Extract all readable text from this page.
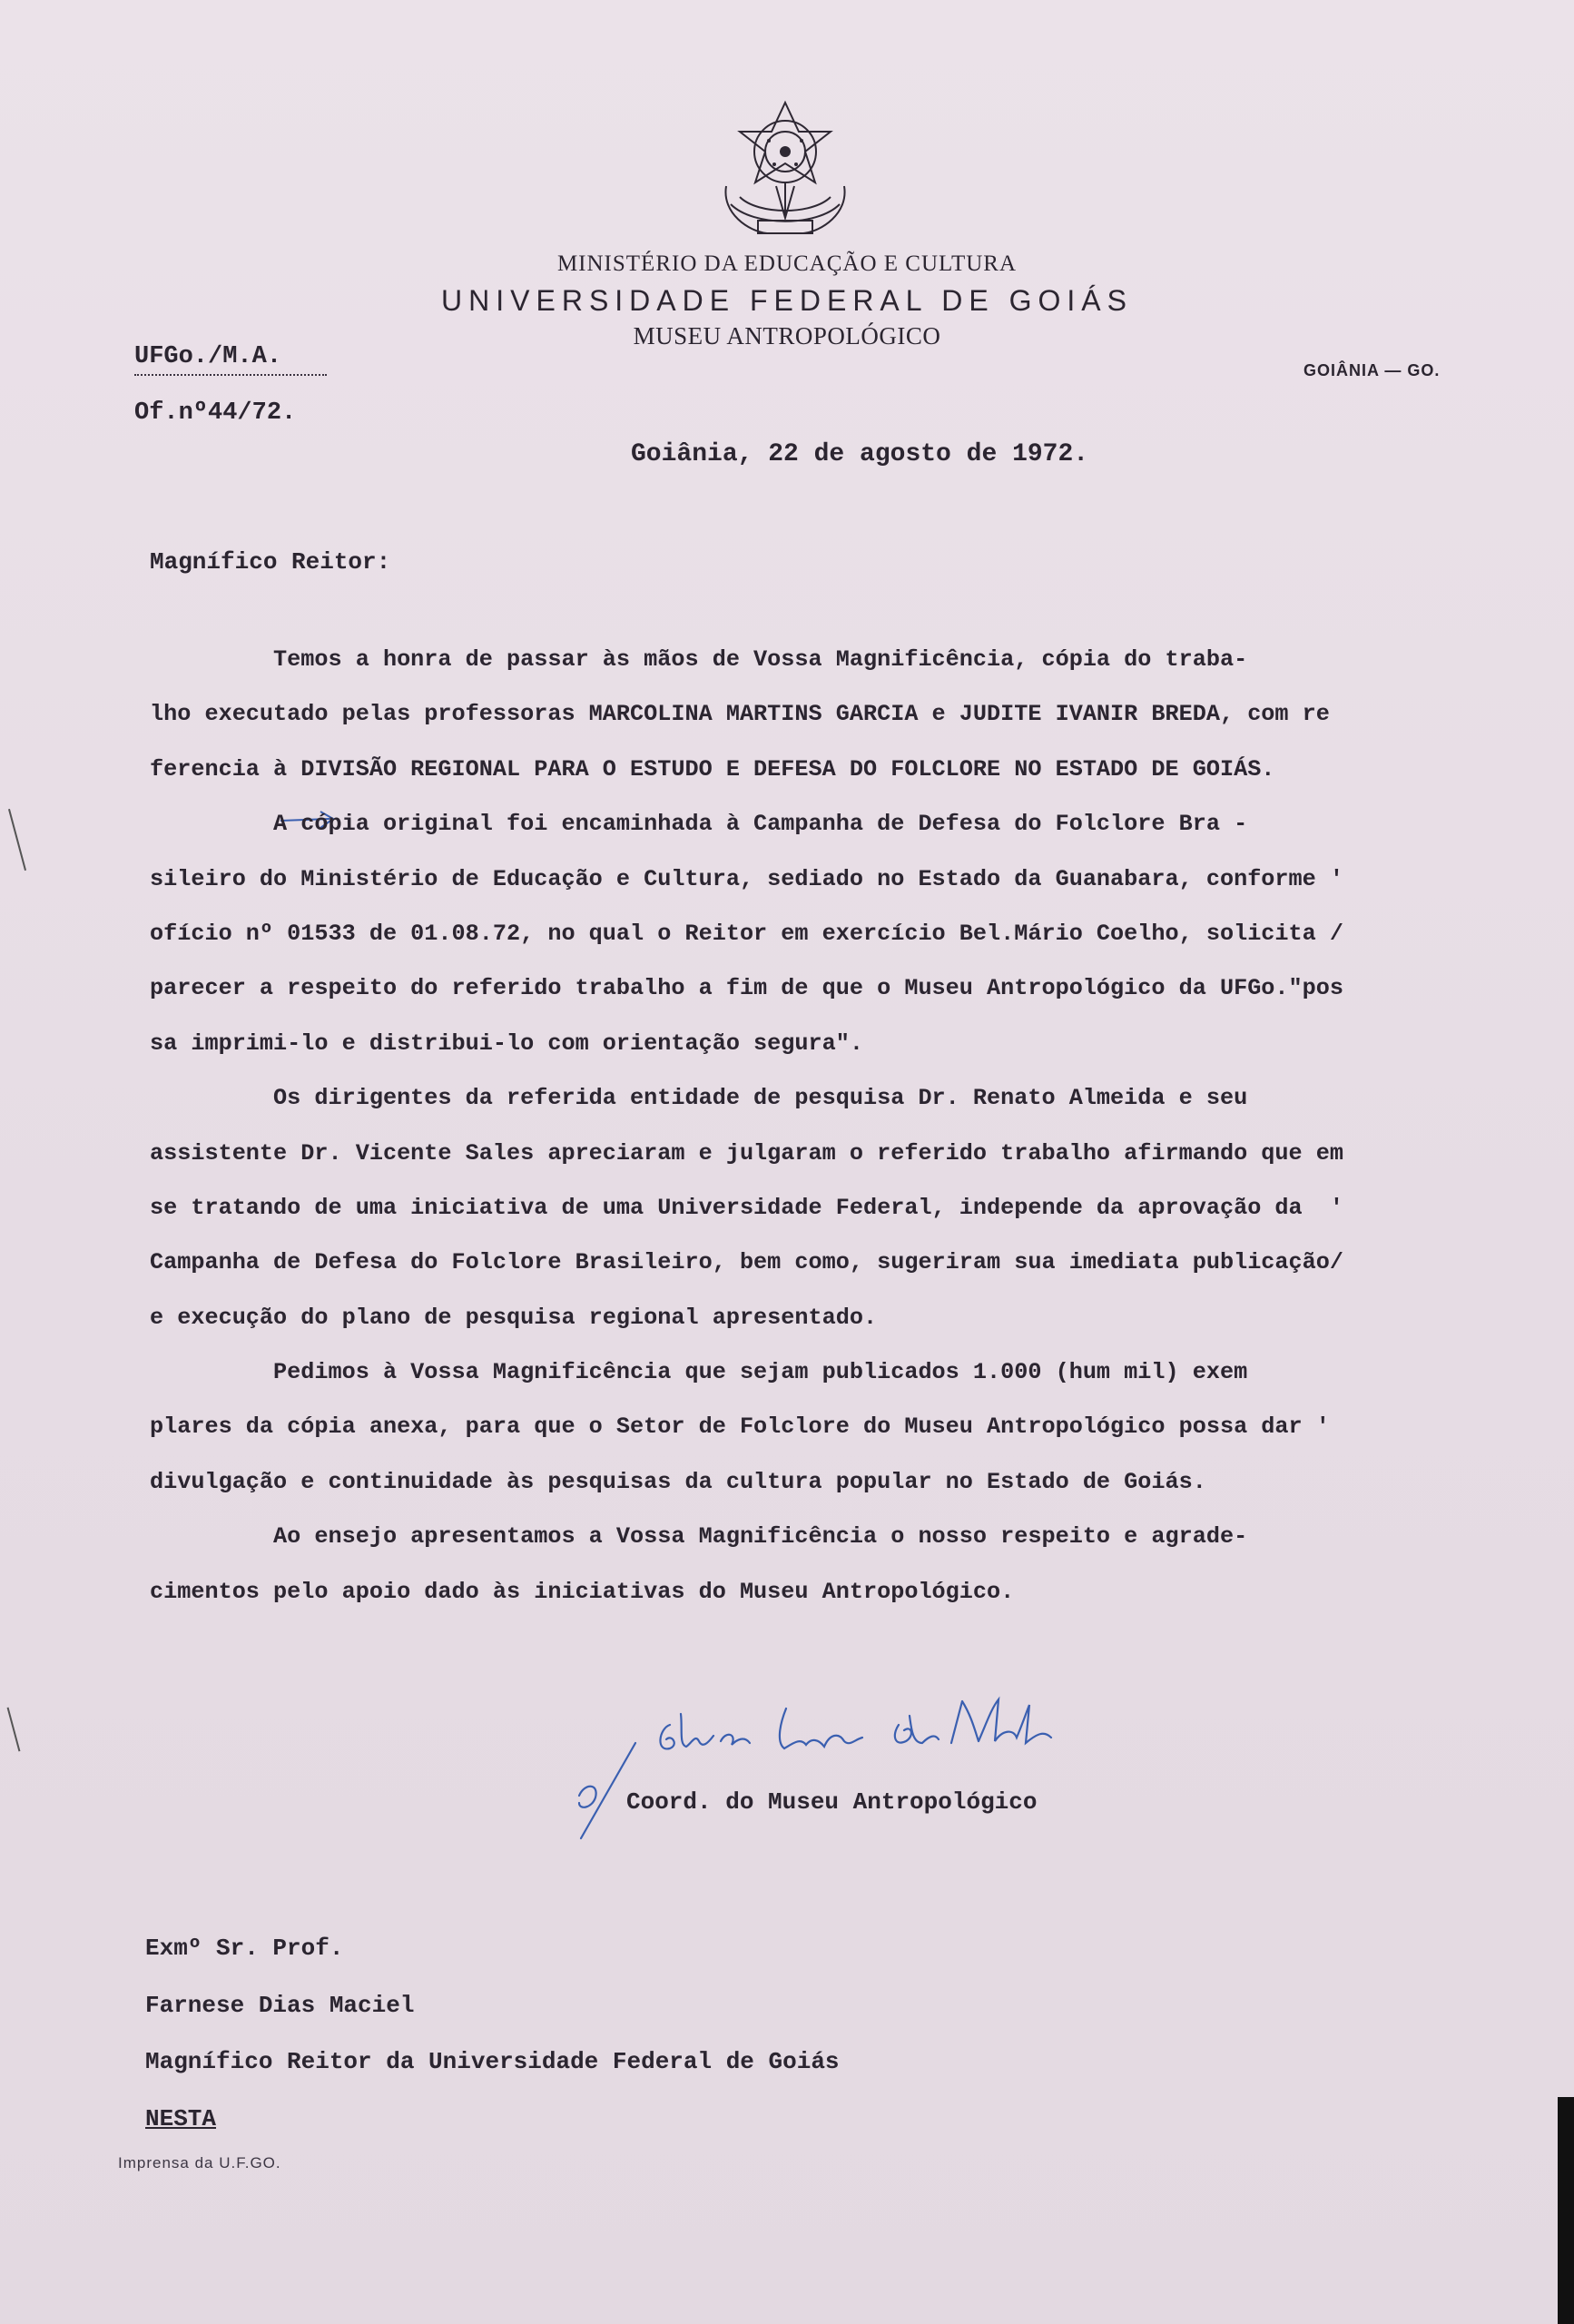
MINISTÉRIO DA EDUCAÇÃO E CULTURA
UNIVERSIDADE FEDERAL DE GOIÁS
MUSEU ANTROPOLÓGICO
UFGo./M.A.
Of.nº44/72.
GOIÂNIA — GO.
Goiânia, 22 de agosto de 1972.
Magnífico Reitor:
Temos a honra de passar às mãos de Vossa Magnificência, cópia do traba-
lho executado pelas professoras MARCOLINA MARTINS GARCIA e JUDITE IVANIR BREDA, com re
ferencia à DIVISÃO REGIONAL PARA O ESTUDO E DEFESA DO FOLCLORE NO ESTADO DE GOIÁS.
A cópia original foi encaminhada à Campanha de Defesa do Folclore Bra -
sileiro do Ministério de Educação e Cultura, sediado no Estado da Guanabara, conforme '
ofício nº 01533 de 01.08.72, no qual o Reitor em exercício Bel.Mário Coelho, solicita /
parecer a respeito do referido trabalho a fim de que o Museu Antropológico da UFGo."pos
sa imprimi-lo e distribui-lo com orientação segura".
Os dirigentes da referida entidade de pesquisa Dr. Renato Almeida e seu
assistente Dr. Vicente Sales apreciaram e julgaram o referido trabalho afirmando que em
se tratando de uma iniciativa de uma Universidade Federal, independe da aprovação da  '
Campanha de Defesa do Folclore Brasileiro, bem como, sugeriram sua imediata publicação/
e execução do plano de pesquisa regional apresentado.
Pedimos à Vossa Magnificência que sejam publicados 1.000 (hum mil) exem
plares da cópia anexa, para que o Setor de Folclore do Museu Antropológico possa dar '
divulgação e continuidade às pesquisas da cultura popular no Estado de Goiás.
Ao ensejo apresentamos a Vossa Magnificência o nosso respeito e agrade-
cimentos pelo apoio dado às iniciativas do Museu Antropológico.
Edna Luisa de Melo
Coord. do Museu Antropológico
Exmº Sr. Prof.
Farnese Dias Maciel
Magnífico Reitor da Universidade Federal de Goiás
NESTA
Imprensa da U.F.GO.
